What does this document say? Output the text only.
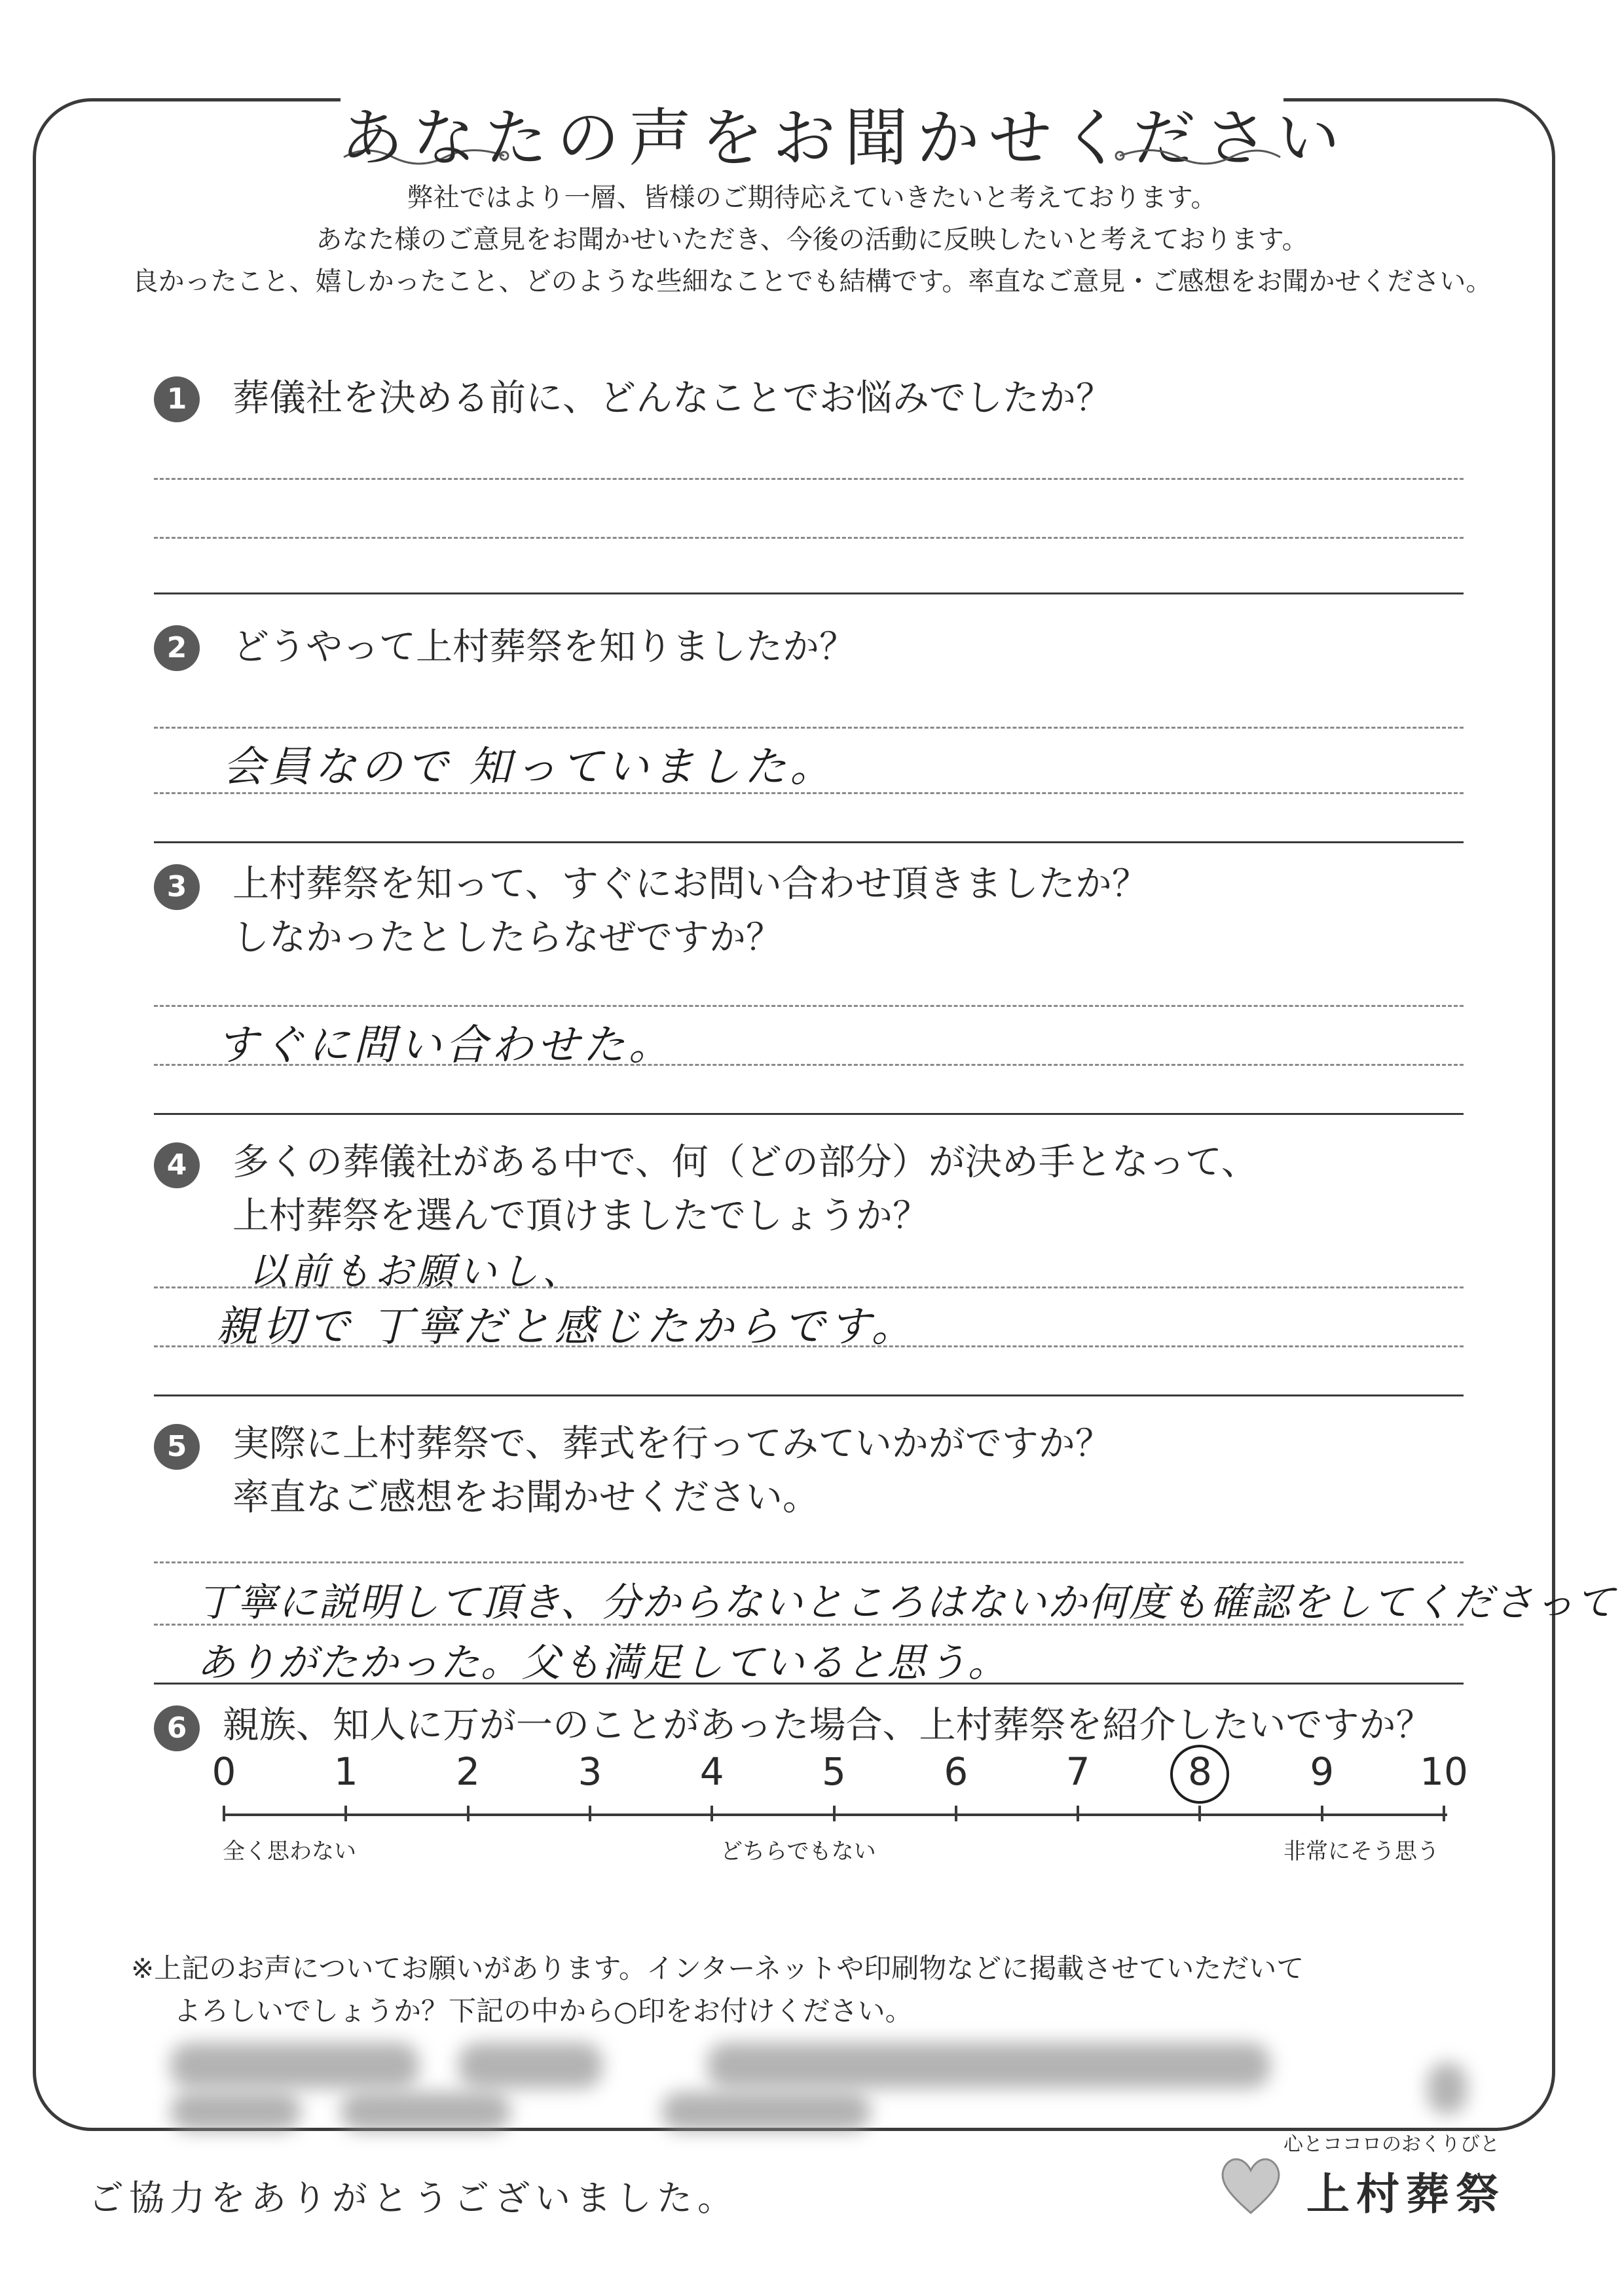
あなたの声をお聞かせください
弊社ではより一層、皆様のご期待応えていきたいと考えております。
あなた様のご意見をお聞かせいただき、今後の活動に反映したいと考えております。
良かったこと、嬉しかったこと、どのような些細なことでも結構です。率直なご意見・ご感想をお聞かせください。
1	葬儀社を決める前に、どんなことでお悩みでしたか？
2	どうやって上村葬祭を知りましたか？
会員なので 知っていました。
3	上村葬祭を知って、すぐにお問い合わせ頂きましたか？
しなかったとしたらなぜですか？
すぐに問い合わせた。
4	多くの葬儀社がある中で、何（どの部分）が決め手となって、
上村葬祭を選んで頂けましたでしょうか？
以前もお願いし、
親切で 丁寧だと感じたからです。
5	実際に上村葬祭で、葬式を行ってみていかがですか？
率直なご感想をお聞かせください。
丁寧に説明して頂き、分からないところはないか何度も確認をしてくださって
ありがたかった。父も満足していると思う。
6 親族、知人に万が一のことがあった場合、上村葬祭を紹介したいですか？
0	1	2	3	4	5	6	7	8	9	10
全く思わない	どちらでもない	非常にそう思う
※上記のお声についてお願いがあります。インターネットや印刷物などに掲載させていただいて
よろしいでしょうか？下記の中から○印をお付けください。
ご協力をありがとうございました。
心とココロのおくりびと
上村葬祭
